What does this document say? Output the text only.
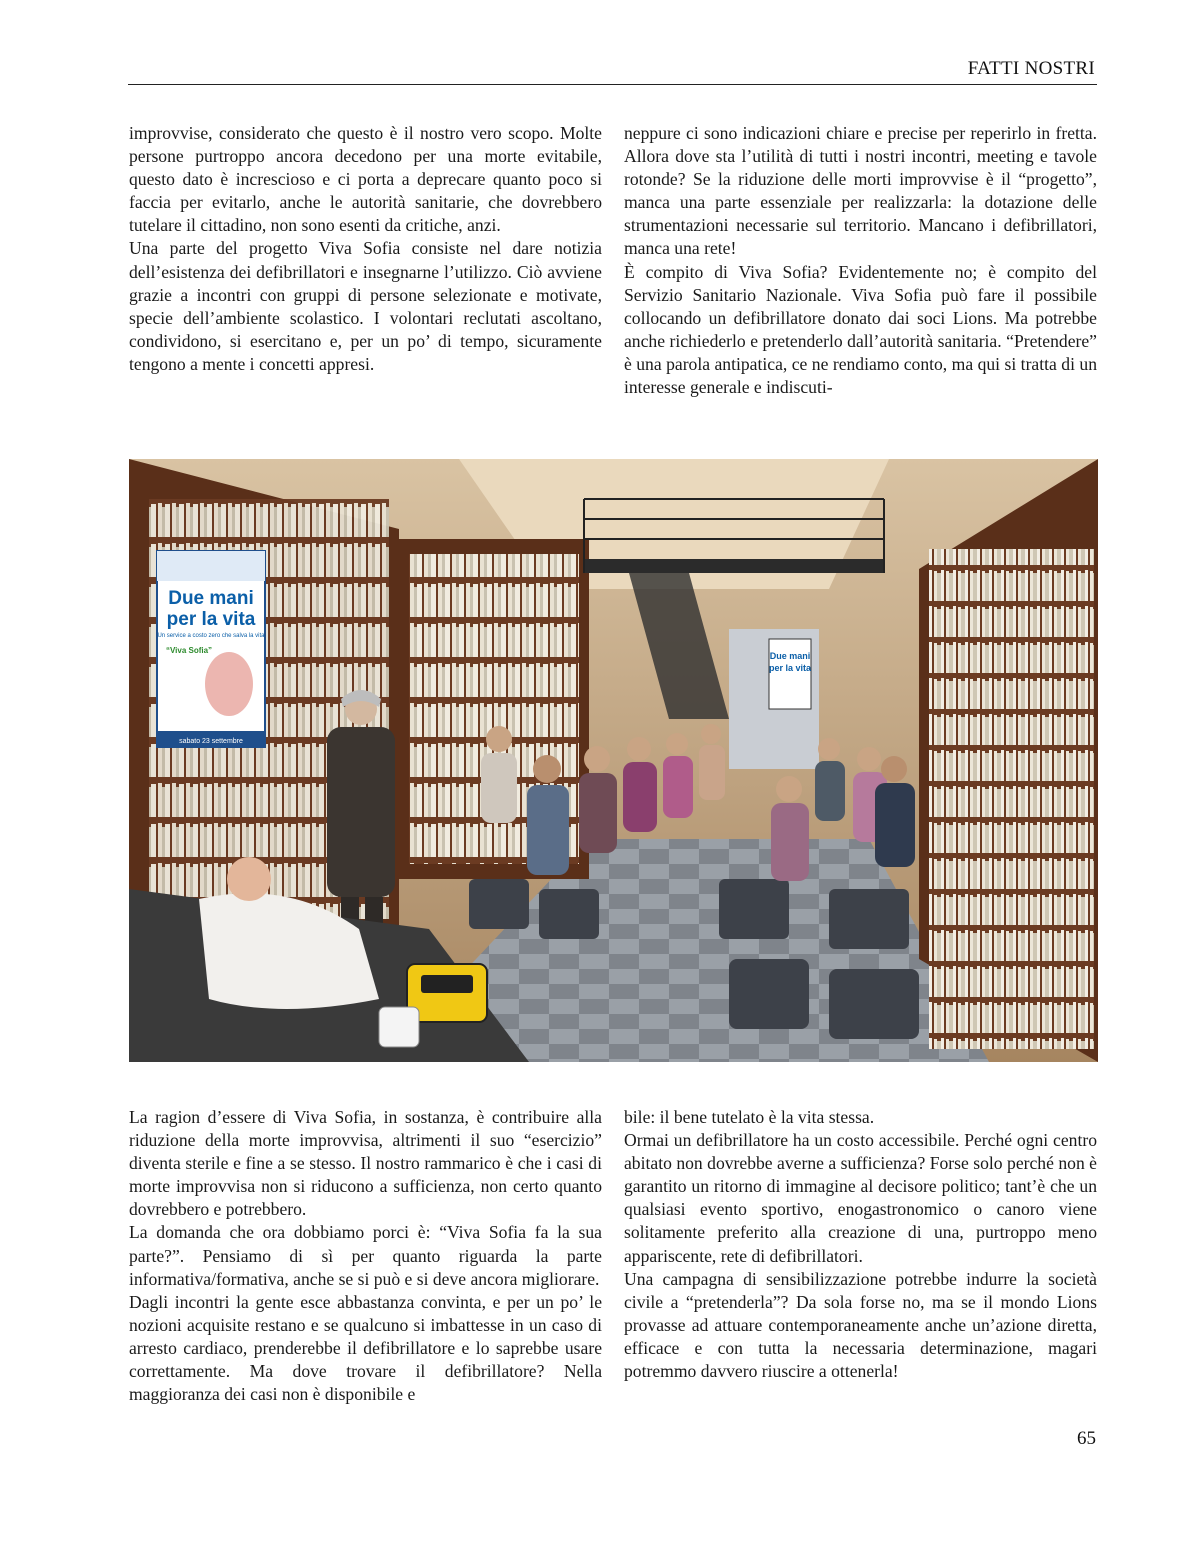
FATTI NOSTRI

improvvise, considerato che questo è il nostro vero scopo. Molte persone purtroppo ancora decedono per una morte evitabile, questo dato è increscioso e ci porta a deprecare quanto poco si faccia per evitarlo, anche le autorità sanitarie, che dovrebbero tutelare il cittadino, non sono esenti da critiche, anzi.

Una parte del progetto Viva Sofia consiste nel dare notizia dell’esistenza dei defibrillatori e insegnarne l’utilizzo. Ciò avviene grazie a incontri con gruppi di persone selezionate e motivate, specie dell’ambiente scolastico. I volontari reclutati ascoltano, condividono, si esercitano e, per un po’ di tempo, sicuramente tengono a mente i concetti appresi.

neppure ci sono indicazioni chiare e precise per reperirlo in fretta. Allora dove sta l’utilità di tutti i nostri incontri, meeting e tavole rotonde? Se la riduzione delle morti improvvise è il “progetto”, manca una parte essenziale per realizzarla: la dotazione delle strumentazioni necessarie sul territorio. Mancano i defibrillatori, manca una rete!

È compito di Viva Sofia? Evidentemente no; è compito del Servizio Sanitario Nazionale. Viva Sofia può fare il possibile collocando un defibrillatore donato dai soci Lions. Ma potrebbe anche richiederlo e pretenderlo dall’autorità sanitaria. “Pretendere” è una parola antipatica, ce ne rendiamo conto, ma qui si tratta di un interesse generale e indiscuti-

Due mani
per la vita
Due mani
per la vita
Un service a costo zero che salva la vita
“Viva Sofia”
sabato 23 settembre

La ragion d’essere di Viva Sofia, in sostanza, è contribuire alla riduzione della morte improvvisa, altrimenti il suo “esercizio” diventa sterile e fine a se stesso. Il nostro rammarico è che i casi di morte improvvisa non si riducono a sufficienza, non certo quanto dovrebbero e potrebbero.

La domanda che ora dobbiamo porci è: “Viva Sofia fa la sua parte?”. Pensiamo di sì per quanto riguarda la parte informativa/formativa, anche se si può e si deve ancora migliorare.

Dagli incontri la gente esce abbastanza convinta, e per un po’ le nozioni acquisite restano e se qualcuno si imbattesse in un caso di arresto cardiaco, prenderebbe il defibrillatore e lo saprebbe usare correttamente. Ma dove trovare il defibrillatore? Nella maggioranza dei casi non è disponibile e

bile: il bene tutelato è la vita stessa.

Ormai un defibrillatore ha un costo accessibile. Perché ogni centro abitato non dovrebbe averne a sufficienza? Forse solo perché non è garantito un ritorno di immagine al decisore politico; tant’è che un qualsiasi evento sportivo, enogastronomico o canoro viene solitamente preferito alla creazione di una, purtroppo meno appariscente, rete di defibrillatori.

Una campagna di sensibilizzazione potrebbe indurre la società civile a “pretenderla”? Da sola forse no, ma se il mondo Lions provasse ad attuare contemporaneamente anche un’azione diretta, efficace e con tutta la necessaria determinazione, magari potremmo davvero riuscire a ottenerla!

65
